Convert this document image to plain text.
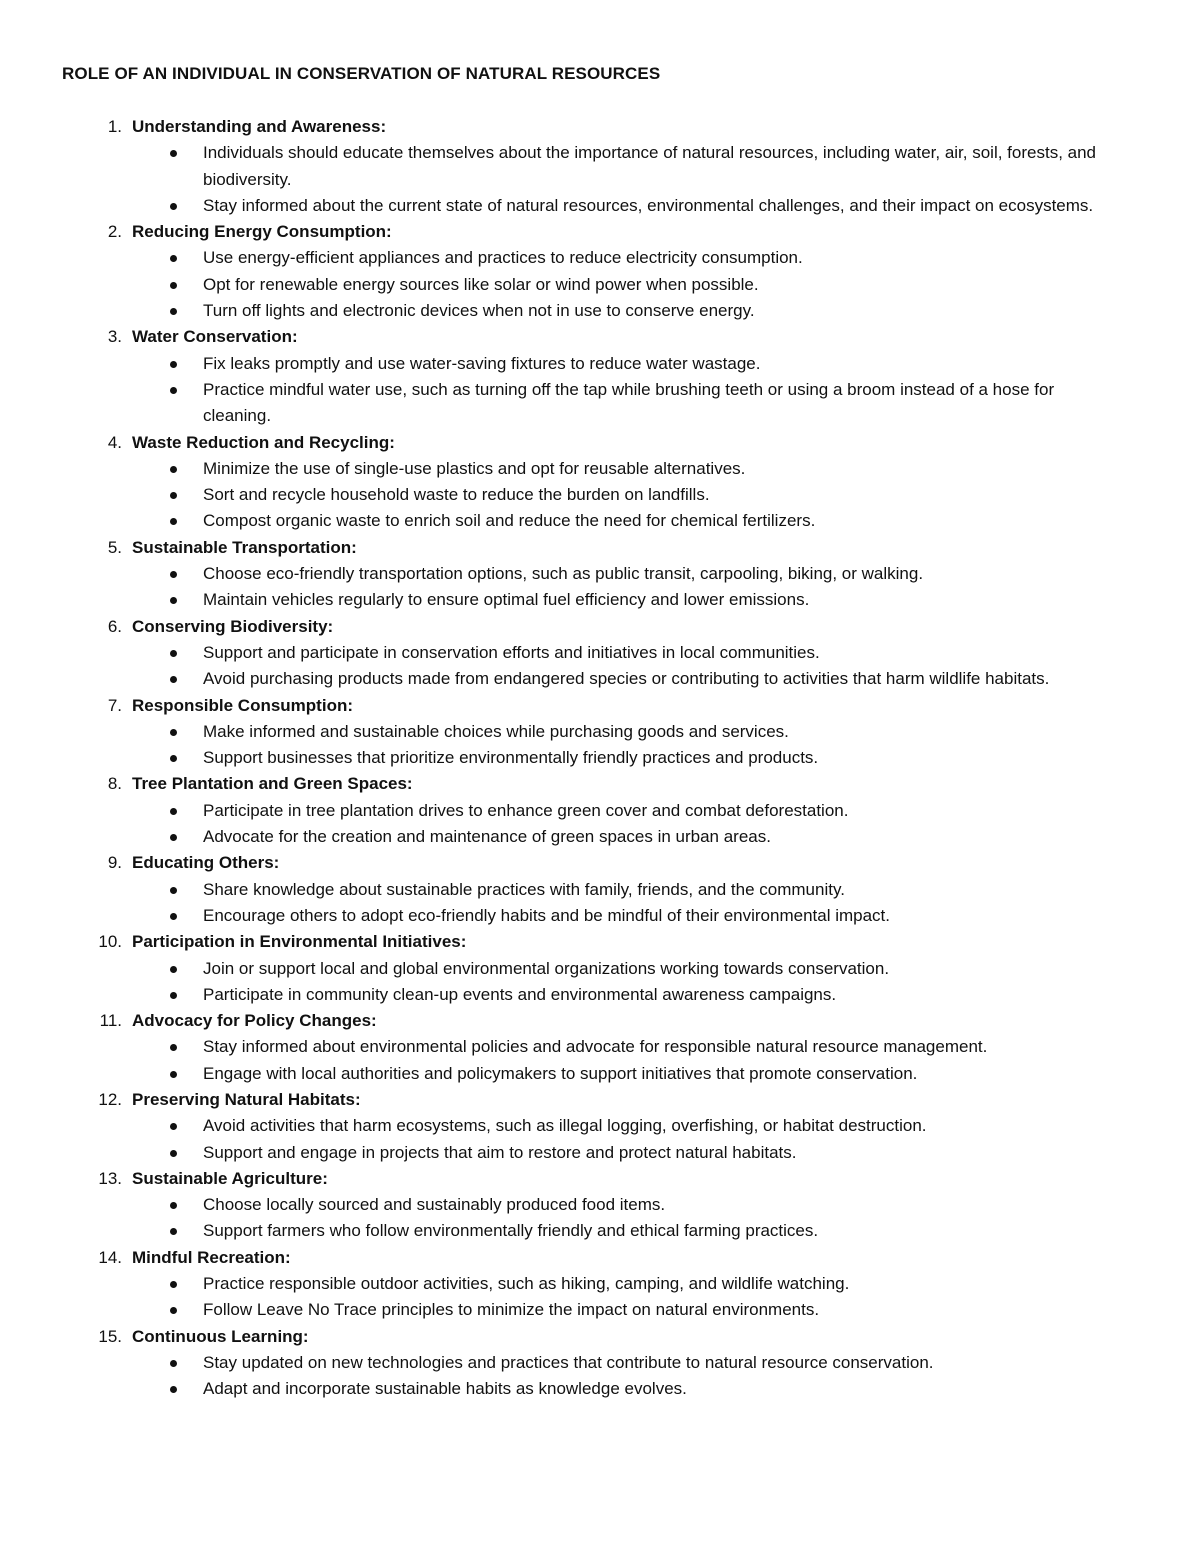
ROLE OF AN INDIVIDUAL IN CONSERVATION OF NATURAL RESOURCES
1. Understanding and Awareness:
Individuals should educate themselves about the importance of natural resources, including water, air, soil, forests, and biodiversity.
Stay informed about the current state of natural resources, environmental challenges, and their impact on ecosystems.
2. Reducing Energy Consumption:
Use energy-efficient appliances and practices to reduce electricity consumption.
Opt for renewable energy sources like solar or wind power when possible.
Turn off lights and electronic devices when not in use to conserve energy.
3. Water Conservation:
Fix leaks promptly and use water-saving fixtures to reduce water wastage.
Practice mindful water use, such as turning off the tap while brushing teeth or using a broom instead of a hose for cleaning.
4. Waste Reduction and Recycling:
Minimize the use of single-use plastics and opt for reusable alternatives.
Sort and recycle household waste to reduce the burden on landfills.
Compost organic waste to enrich soil and reduce the need for chemical fertilizers.
5. Sustainable Transportation:
Choose eco-friendly transportation options, such as public transit, carpooling, biking, or walking.
Maintain vehicles regularly to ensure optimal fuel efficiency and lower emissions.
6. Conserving Biodiversity:
Support and participate in conservation efforts and initiatives in local communities.
Avoid purchasing products made from endangered species or contributing to activities that harm wildlife habitats.
7. Responsible Consumption:
Make informed and sustainable choices while purchasing goods and services.
Support businesses that prioritize environmentally friendly practices and products.
8. Tree Plantation and Green Spaces:
Participate in tree plantation drives to enhance green cover and combat deforestation.
Advocate for the creation and maintenance of green spaces in urban areas.
9. Educating Others:
Share knowledge about sustainable practices with family, friends, and the community.
Encourage others to adopt eco-friendly habits and be mindful of their environmental impact.
10. Participation in Environmental Initiatives:
Join or support local and global environmental organizations working towards conservation.
Participate in community clean-up events and environmental awareness campaigns.
11. Advocacy for Policy Changes:
Stay informed about environmental policies and advocate for responsible natural resource management.
Engage with local authorities and policymakers to support initiatives that promote conservation.
12. Preserving Natural Habitats:
Avoid activities that harm ecosystems, such as illegal logging, overfishing, or habitat destruction.
Support and engage in projects that aim to restore and protect natural habitats.
13. Sustainable Agriculture:
Choose locally sourced and sustainably produced food items.
Support farmers who follow environmentally friendly and ethical farming practices.
14. Mindful Recreation:
Practice responsible outdoor activities, such as hiking, camping, and wildlife watching.
Follow Leave No Trace principles to minimize the impact on natural environments.
15. Continuous Learning:
Stay updated on new technologies and practices that contribute to natural resource conservation.
Adapt and incorporate sustainable habits as knowledge evolves.
